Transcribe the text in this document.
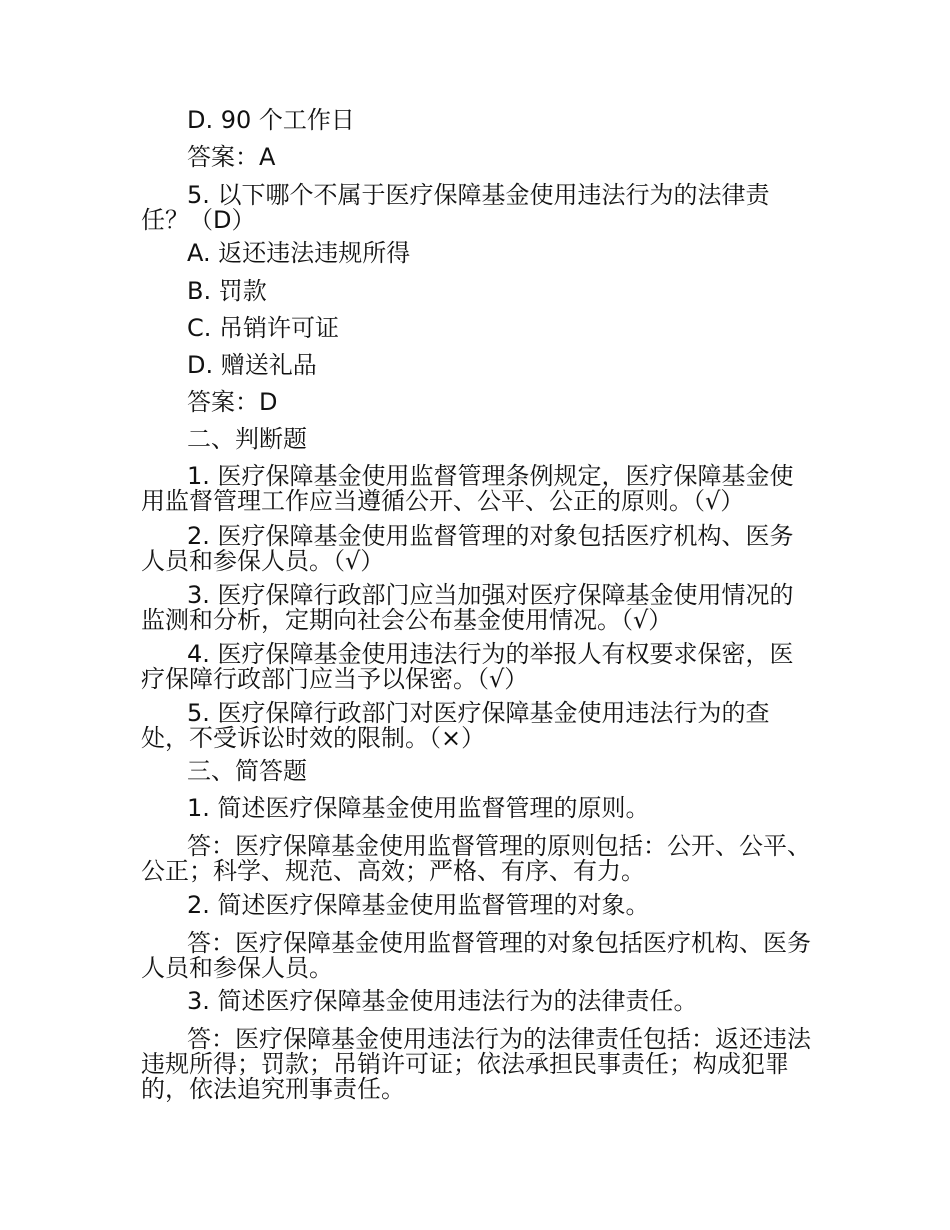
D. 90 个工作日

答案：A

5. 以下哪个不属于医疗保障基金使用违法行为的法律责任？（D）

A. 返还违法违规所得

B. 罚款

C. 吊销许可证

D. 赠送礼品

答案：D

二、判断题

1. 医疗保障基金使用监督管理条例规定，医疗保障基金使用监督管理工作应当遵循公开、公平、公正的原则。（√）

2. 医疗保障基金使用监督管理的对象包括医疗机构、医务人员和参保人员。（√）

3. 医疗保障行政部门应当加强对医疗保障基金使用情况的监测和分析，定期向社会公布基金使用情况。（√）

4. 医疗保障基金使用违法行为的举报人有权要求保密，医疗保障行政部门应当予以保密。（√）

5. 医疗保障行政部门对医疗保障基金使用违法行为的查处，不受诉讼时效的限制。（×）

三、简答题

1. 简述医疗保障基金使用监督管理的原则。

答：医疗保障基金使用监督管理的原则包括：公开、公平、公正；科学、规范、高效；严格、有序、有力。

2. 简述医疗保障基金使用监督管理的对象。

答：医疗保障基金使用监督管理的对象包括医疗机构、医务人员和参保人员。

3. 简述医疗保障基金使用违法行为的法律责任。

答：医疗保障基金使用违法行为的法律责任包括：返还违法违规所得；罚款；吊销许可证；依法承担民事责任；构成犯罪的，依法追究刑事责任。
